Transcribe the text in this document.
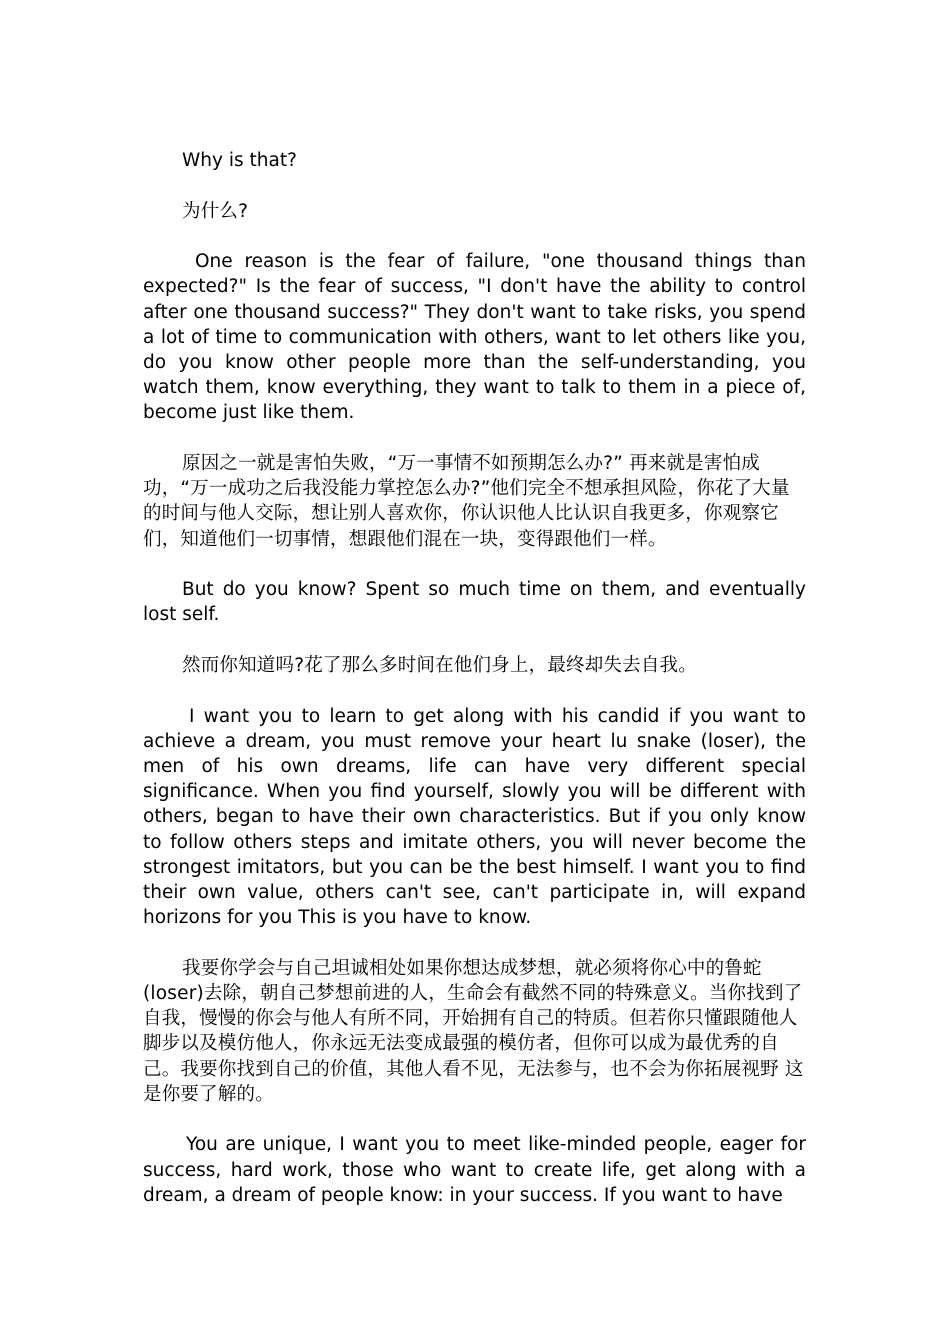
Why is that?

为什么?

One reason is the fear of failure, "one thousand things than expected?" Is the fear of success, "I don't have the ability to control after one thousand success?" They don't want to take risks, you spend a lot of time to communication with others, want to let others like you, do you know other people more than the self-understanding, you watch them, know everything, they want to talk to them in a piece of, become just like them.

原因之一就是害怕失败，“万一事情不如预期怎么办?” 再来就是害怕成功，“万一成功之后我没能力掌控怎么办?”他们完全不想承担风险，你花了大量的时间与他人交际，想让别人喜欢你，你认识他人比认识自我更多，你观察它们，知道他们一切事情，想跟他们混在一块，变得跟他们一样。

But do you know? Spent so much time on them, and eventually lost self.

然而你知道吗?花了那么多时间在他们身上，最终却失去自我。

I want you to learn to get along with his candid if you want to achieve a dream, you must remove your heart lu snake (loser), the men of his own dreams, life can have very different special significance. When you find yourself, slowly you will be different with others, began to have their own characteristics. But if you only know to follow others steps and imitate others, you will never become the strongest imitators, but you can be the best himself. I want you to find their own value, others can't see, can't participate in, will expand horizons for you This is you have to know.

我要你学会与自己坦诚相处如果你想达成梦想，就必须将你心中的鲁蛇(loser)去除，朝自己梦想前进的人，生命会有截然不同的特殊意义。当你找到了自我，慢慢的你会与他人有所不同，开始拥有自己的特质。但若你只懂跟随他人脚步以及模仿他人，你永远无法变成最强的模仿者，但你可以成为最优秀的自己。我要你找到自己的价值，其他人看不见，无法参与，也不会为你拓展视野 这是你要了解的。

You are unique, I want you to meet like-minded people, eager for success, hard work, those who want to create life, get along with a dream, a dream of people know: in your success. If you want to have
